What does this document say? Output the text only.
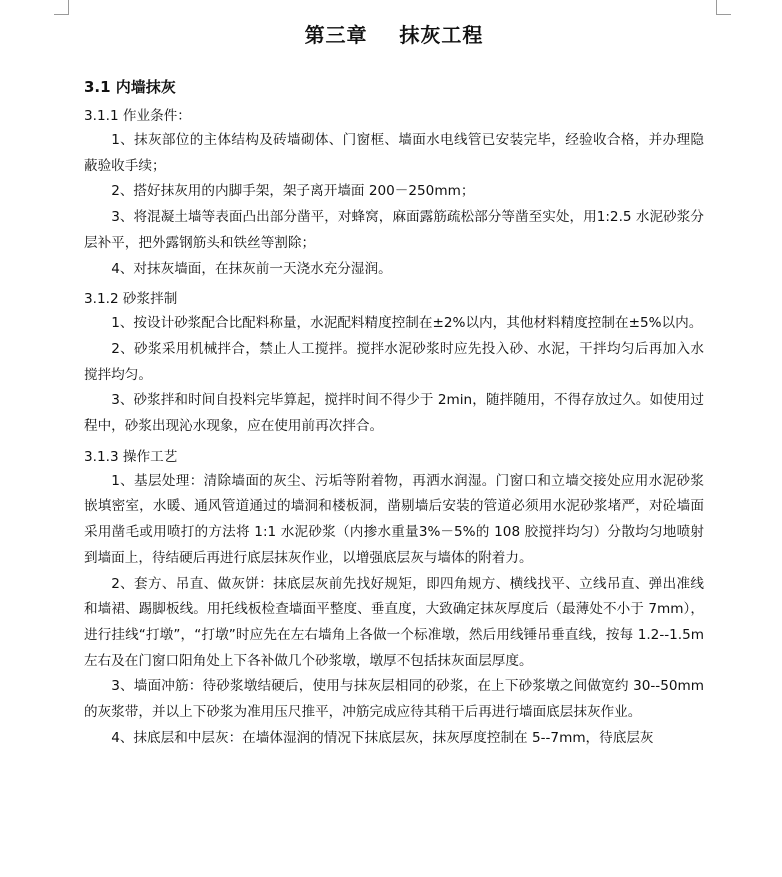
第三章    抹灰工程
3.1 内墙抹灰
3.1.1 作业条件：

1、抹灰部位的主体结构及砖墙砌体、门窗框、墙面水电线管已安装完毕，经验收合格，并办理隐蔽验收手续；

2、搭好抹灰用的内脚手架，架子离开墙面 200－250mm；

3、将混凝土墙等表面凸出部分凿平，对蜂窝，麻面露筋疏松部分等凿至实处，用1:2.5 水泥砂浆分层补平，把外露钢筋头和铁丝等割除；

4、对抹灰墙面，在抹灰前一天浇水充分湿润。

3.1.2 砂浆拌制

1、按设计砂浆配合比配料称量，水泥配料精度控制在±2%以内，其他材料精度控制在±5%以内。

2、砂浆采用机械拌合，禁止人工搅拌。搅拌水泥砂浆时应先投入砂、水泥，干拌均匀后再加入水搅拌均匀。

3、砂浆拌和时间自投料完毕算起，搅拌时间不得少于 2min，随拌随用，不得存放过久。如使用过程中，砂浆出现沁水现象，应在使用前再次拌合。

3.1.3 操作工艺

1、基层处理：清除墙面的灰尘、污垢等附着物，再洒水润湿。门窗口和立墙交接处应用水泥砂浆嵌填密室，水暖、通风管道通过的墙洞和楼板洞，凿剔墙后安装的管道必须用水泥砂浆堵严，对砼墙面采用凿毛或用喷打的方法将 1:1 水泥砂浆（内掺水重量3%－5%的 108 胶搅拌均匀）分散均匀地喷射到墙面上，待结硬后再进行底层抹灰作业，以增强底层灰与墙体的附着力。

2、套方、吊直、做灰饼：抹底层灰前先找好规矩，即四角规方、横线找平、立线吊直、弹出准线和墙裙、踢脚板线。用托线板检查墙面平整度、垂直度，大致确定抹灰厚度后（最薄处不小于 7mm），进行挂线“打墩”，“打墩”时应先在左右墙角上各做一个标准墩，然后用线锤吊垂直线，按每 1.2--1.5m 左右及在门窗口阳角处上下各补做几个砂浆墩，墩厚不包括抹灰面层厚度。

3、墙面冲筋：待砂浆墩结硬后，使用与抹灰层相同的砂浆，在上下砂浆墩之间做宽约 30--50mm 的灰浆带，并以上下砂浆为准用压尺推平，冲筋完成应待其稍干后再进行墙面底层抹灰作业。

4、抹底层和中层灰：在墙体湿润的情况下抹底层灰，抹灰厚度控制在 5--7mm，待底层灰
